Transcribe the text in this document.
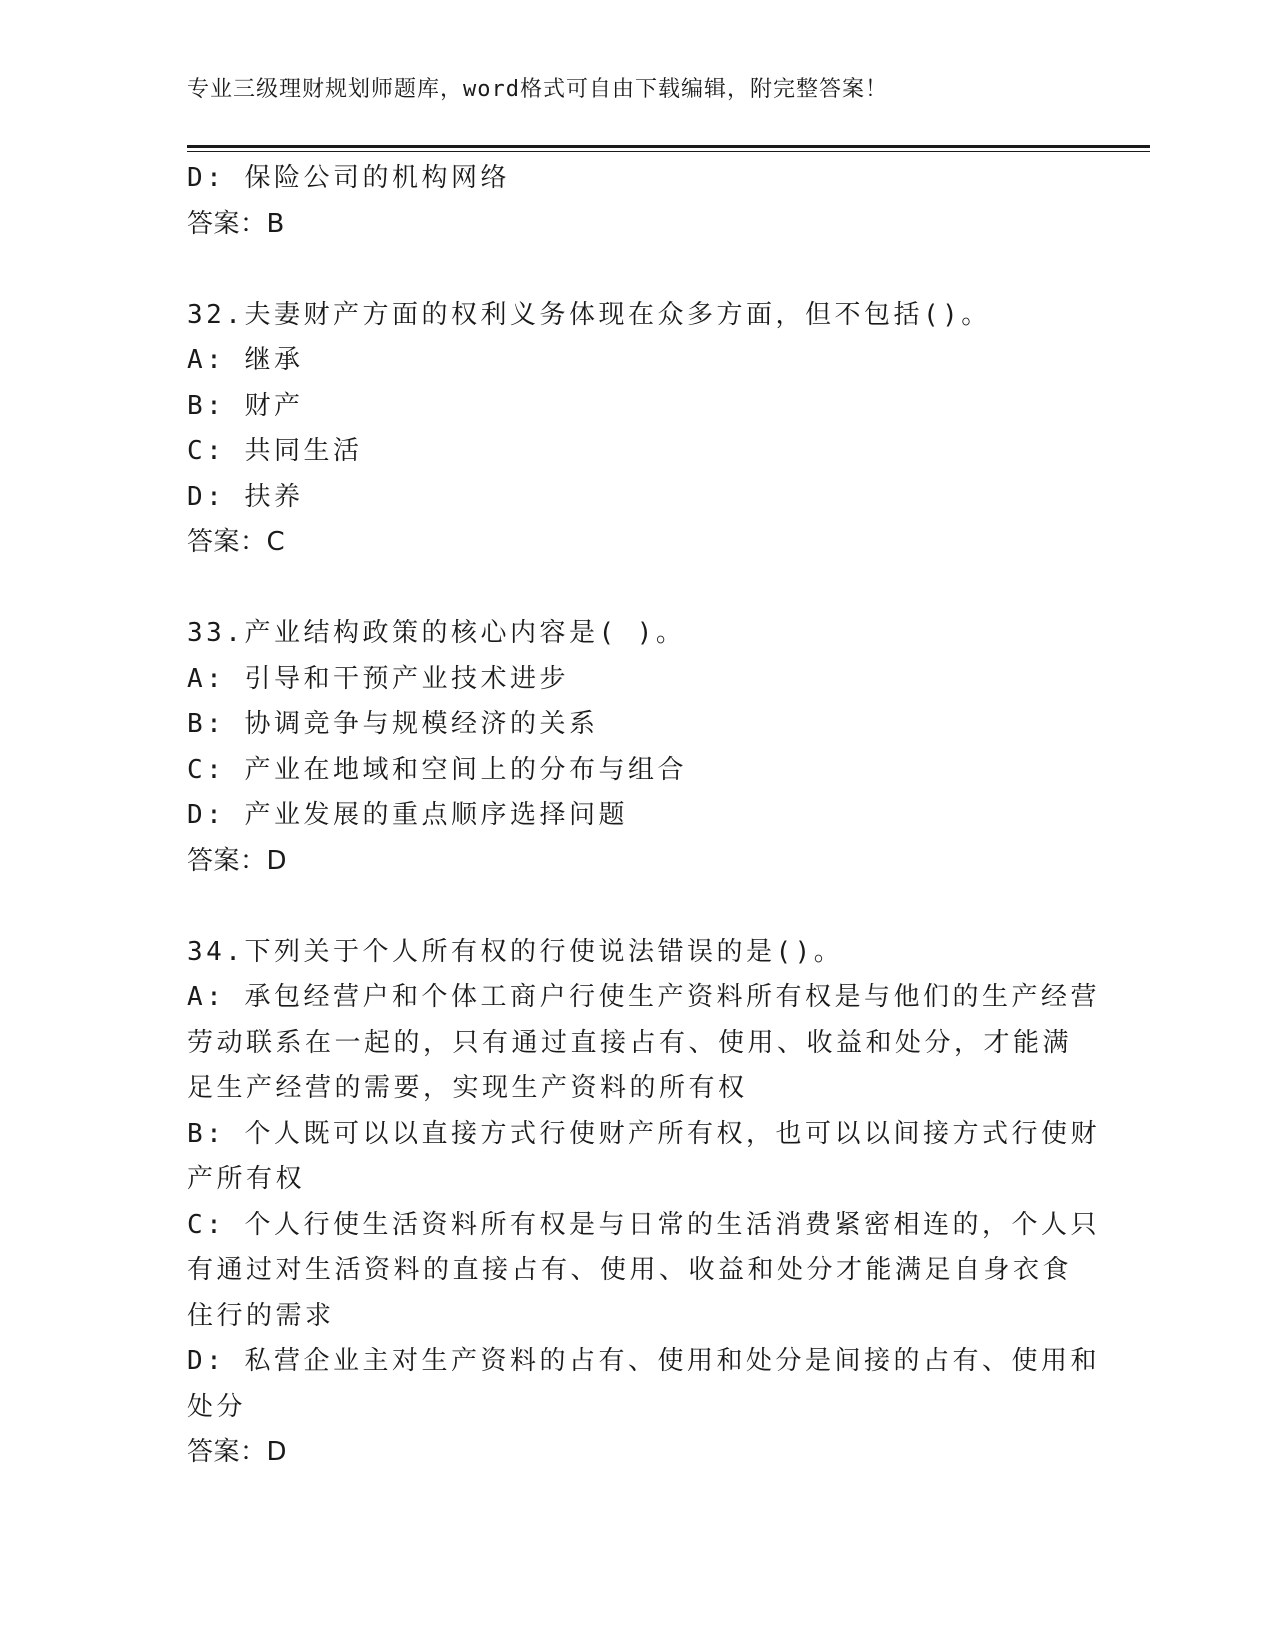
专业三级理财规划师题库，word格式可自由下载编辑，附完整答案！
D: 保险公司的机构网络
答案：B
32.夫妻财产方面的权利义务体现在众多方面，但不包括()。
A: 继承
B: 财产
C: 共同生活
D: 扶养
答案：C
33.产业结构政策的核心内容是( )。
A: 引导和干预产业技术进步
B: 协调竞争与规模经济的关系
C: 产业在地域和空间上的分布与组合
D: 产业发展的重点顺序选择问题
答案：D
34.下列关于个人所有权的行使说法错误的是()。
A: 承包经营户和个体工商户行使生产资料所有权是与他们的生产经营
劳动联系在一起的，只有通过直接占有、使用、收益和处分，才能满
足生产经营的需要，实现生产资料的所有权
B: 个人既可以以直接方式行使财产所有权，也可以以间接方式行使财
产所有权
C: 个人行使生活资料所有权是与日常的生活消费紧密相连的，个人只
有通过对生活资料的直接占有、使用、收益和处分才能满足自身衣食
住行的需求
D: 私营企业主对生产资料的占有、使用和处分是间接的占有、使用和
处分
答案：D
